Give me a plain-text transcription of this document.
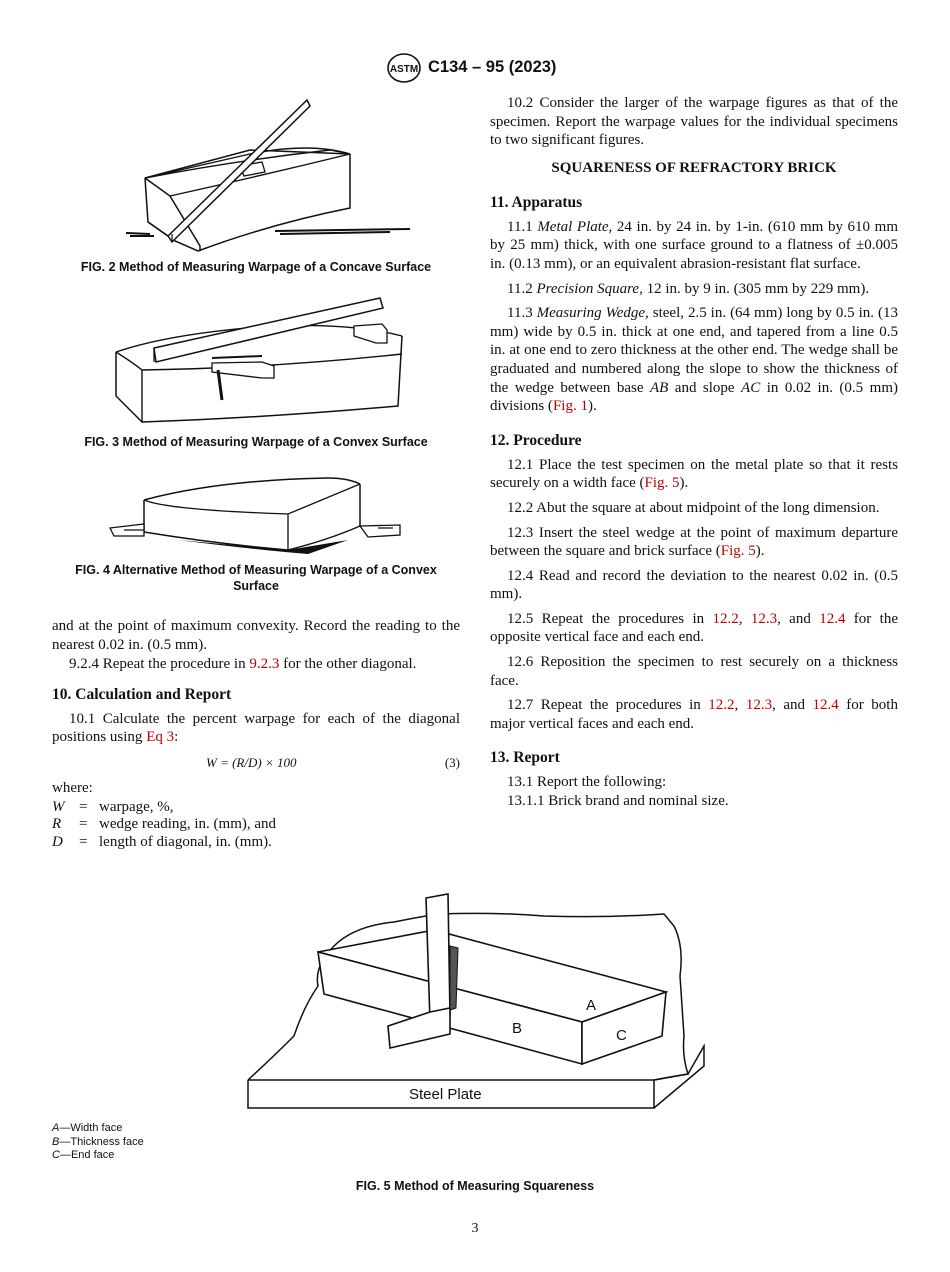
ASTM C134 – 95 (2023)
FIG. 2 Method of Measuring Warpage of a Concave Surface
FIG. 3 Method of Measuring Warpage of a Convex Surface
FIG. 4 Alternative Method of Measuring Warpage of a Convex Surface

and at the point of maximum convexity. Record the reading to the nearest 0.02 in. (0.5 mm).

9.2.4 Repeat the procedure in 9.2.3 for the other diagonal.

10. Calculation and Report

10.1 Calculate the percent warpage for each of the diagonal positions using Eq 3:

W = (R/D) × 100	(3)

where:

W = warpage, %,
R	= wedge reading, in. (mm), and
D	= length of diagonal, in. (mm).

10.2 Consider the larger of the warpage figures as that of the specimen. Report the warpage values for the individual specimens to two significant figures.

SQUARENESS OF REFRACTORY BRICK

11. Apparatus

11.1 Metal Plate, 24 in. by 24 in. by 1-in. (610 mm by 610 mm by 25 mm) thick, with one surface ground to a flatness of ±0.005 in. (0.13 mm), or an equivalent abrasion-resistant flat surface.

11.2 Precision Square, 12 in. by 9 in. (305 mm by 229 mm).

11.3 Measuring Wedge, steel, 2.5 in. (64 mm) long by 0.5 in. (13 mm) wide by 0.5 in. thick at one end, and tapered from a line 0.5 in. at one end to zero thickness at the other end. The wedge shall be graduated and numbered along the slope to show the thickness of the wedge between base AB and slope AC in 0.02 in. (0.5 mm) divisions (Fig. 1).

12. Procedure

12.1 Place the test specimen on the metal plate so that it rests securely on a width face (Fig. 5).

12.2 Abut the square at about midpoint of the long dimension.

12.3 Insert the steel wedge at the point of maximum departure between the square and brick surface (Fig. 5).

12.4 Read and record the deviation to the nearest 0.02 in. (0.5 mm).

12.5 Repeat the procedures in 12.2, 12.3, and 12.4 for the opposite vertical face and each end.

12.6 Reposition the specimen to rest securely on a thickness face.

12.7 Repeat the procedures in 12.2, 12.3, and 12.4 for both major vertical faces and each end.

13. Report

13.1 Report the following:

13.1.1 Brick brand and nominal size.

A
B	C
Steel Plate
A—Width face
B—Thickness face
C—End face
FIG. 5 Method of Measuring Squareness
3
